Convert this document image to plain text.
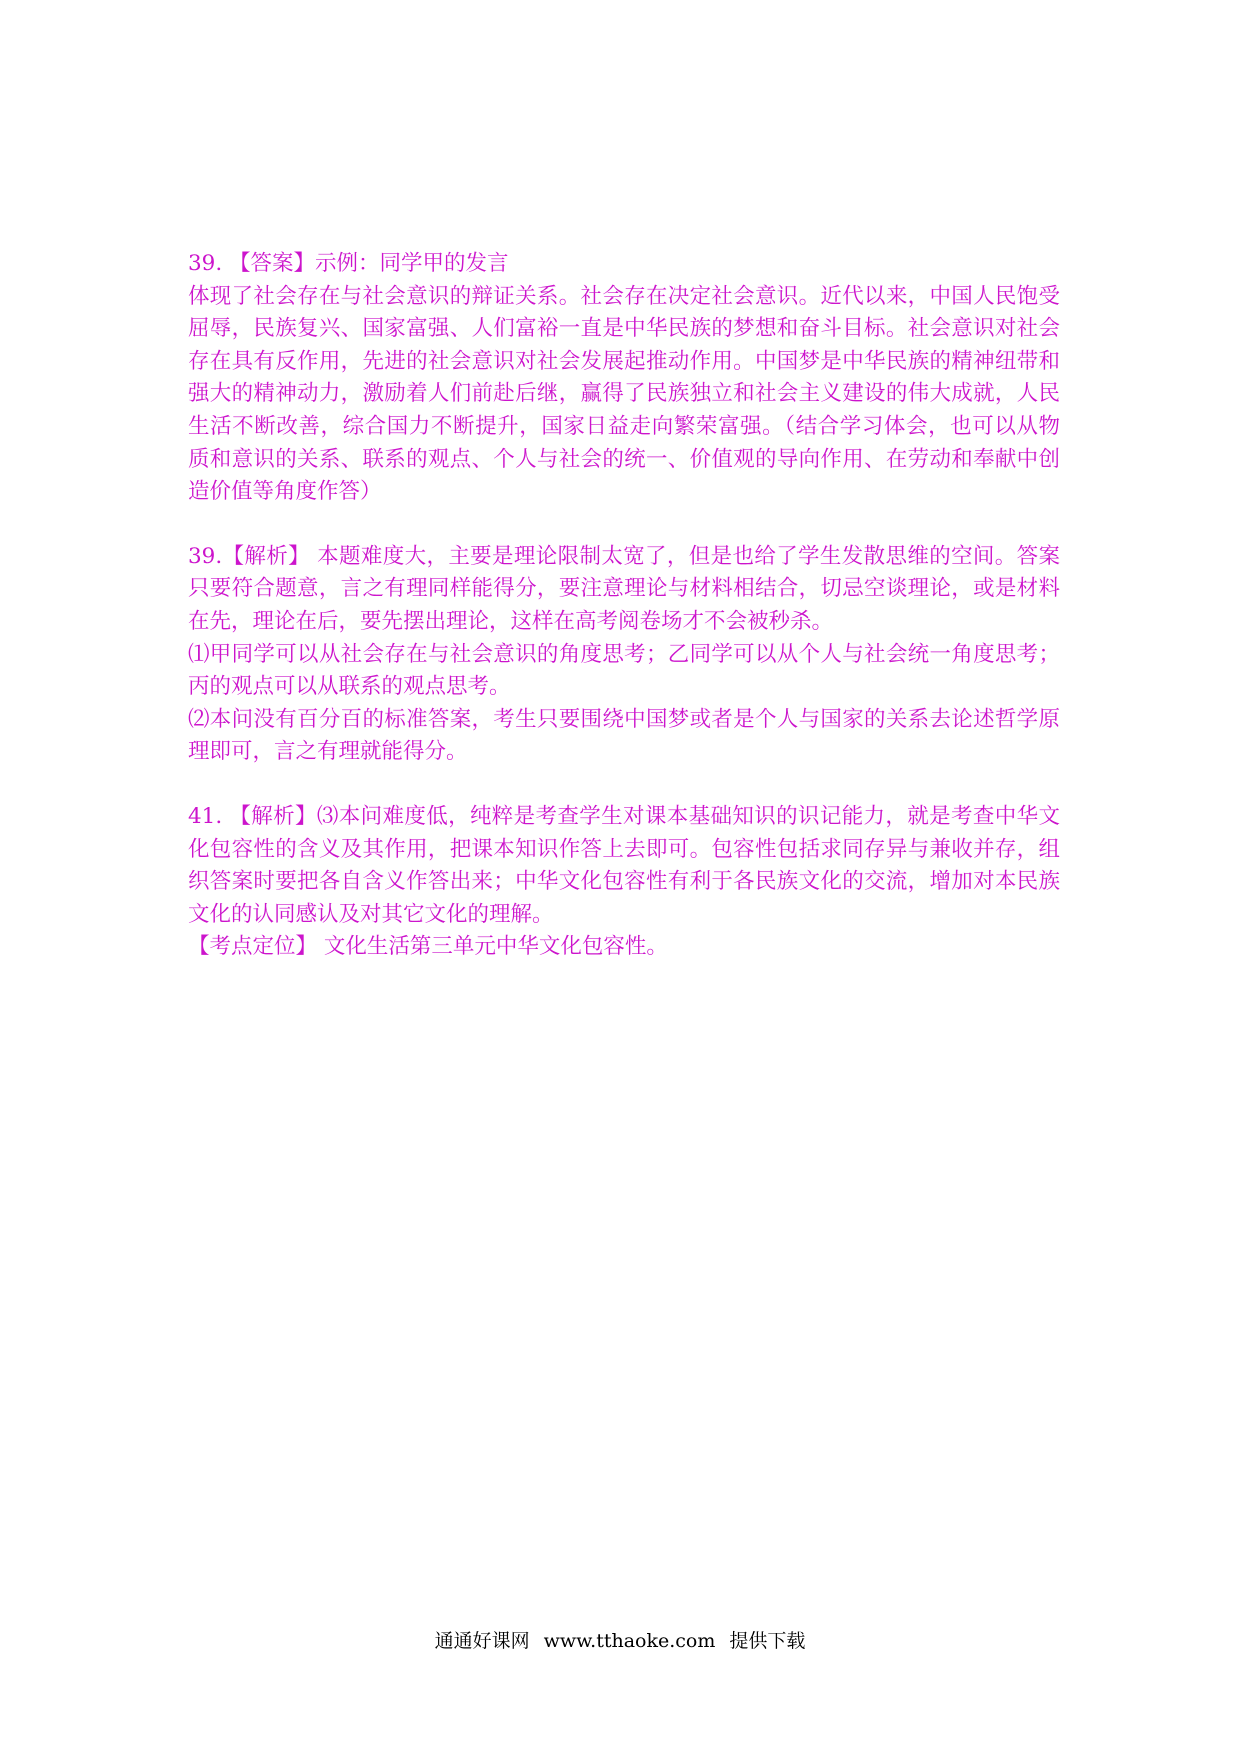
39. 【答案】示例：同学甲的发言
体现了社会存在与社会意识的辩证关系。社会存在决定社会意识。近代以来，中国人民饱受
屈辱，民族复兴、国家富强、人们富裕一直是中华民族的梦想和奋斗目标。社会意识对社会
存在具有反作用，先进的社会意识对社会发展起推动作用。中国梦是中华民族的精神纽带和
强大的精神动力，激励着人们前赴后继，赢得了民族独立和社会主义建设的伟大成就，人民
生活不断改善，综合国力不断提升，国家日益走向繁荣富强。（结合学习体会，也可以从物
质和意识的关系、联系的观点、个人与社会的统一、价值观的导向作用、在劳动和奉献中创
造价值等角度作答）
39.【解析】 本题难度大，主要是理论限制太宽了，但是也给了学生发散思维的空间。答案
只要符合题意，言之有理同样能得分，要注意理论与材料相结合，切忌空谈理论，或是材料
在先，理论在后，要先摆出理论，这样在高考阅卷场才不会被秒杀。
⑴甲同学可以从社会存在与社会意识的角度思考；乙同学可以从个人与社会统一角度思考；
丙的观点可以从联系的观点思考。
⑵本问没有百分百的标准答案，考生只要围绕中国梦或者是个人与国家的关系去论述哲学原
理即可，言之有理就能得分。
41. 【解析】⑶本问难度低，纯粹是考查学生对课本基础知识的识记能力，就是考查中华文
化包容性的含义及其作用，把课本知识作答上去即可。包容性包括求同存异与兼收并存，组
织答案时要把各自含义作答出来；中华文化包容性有利于各民族文化的交流，增加对本民族
文化的认同感认及对其它文化的理解。
【考点定位】 文化生活第三单元中华文化包容性。
通通好课网 www.tthaoke.com 提供下载
